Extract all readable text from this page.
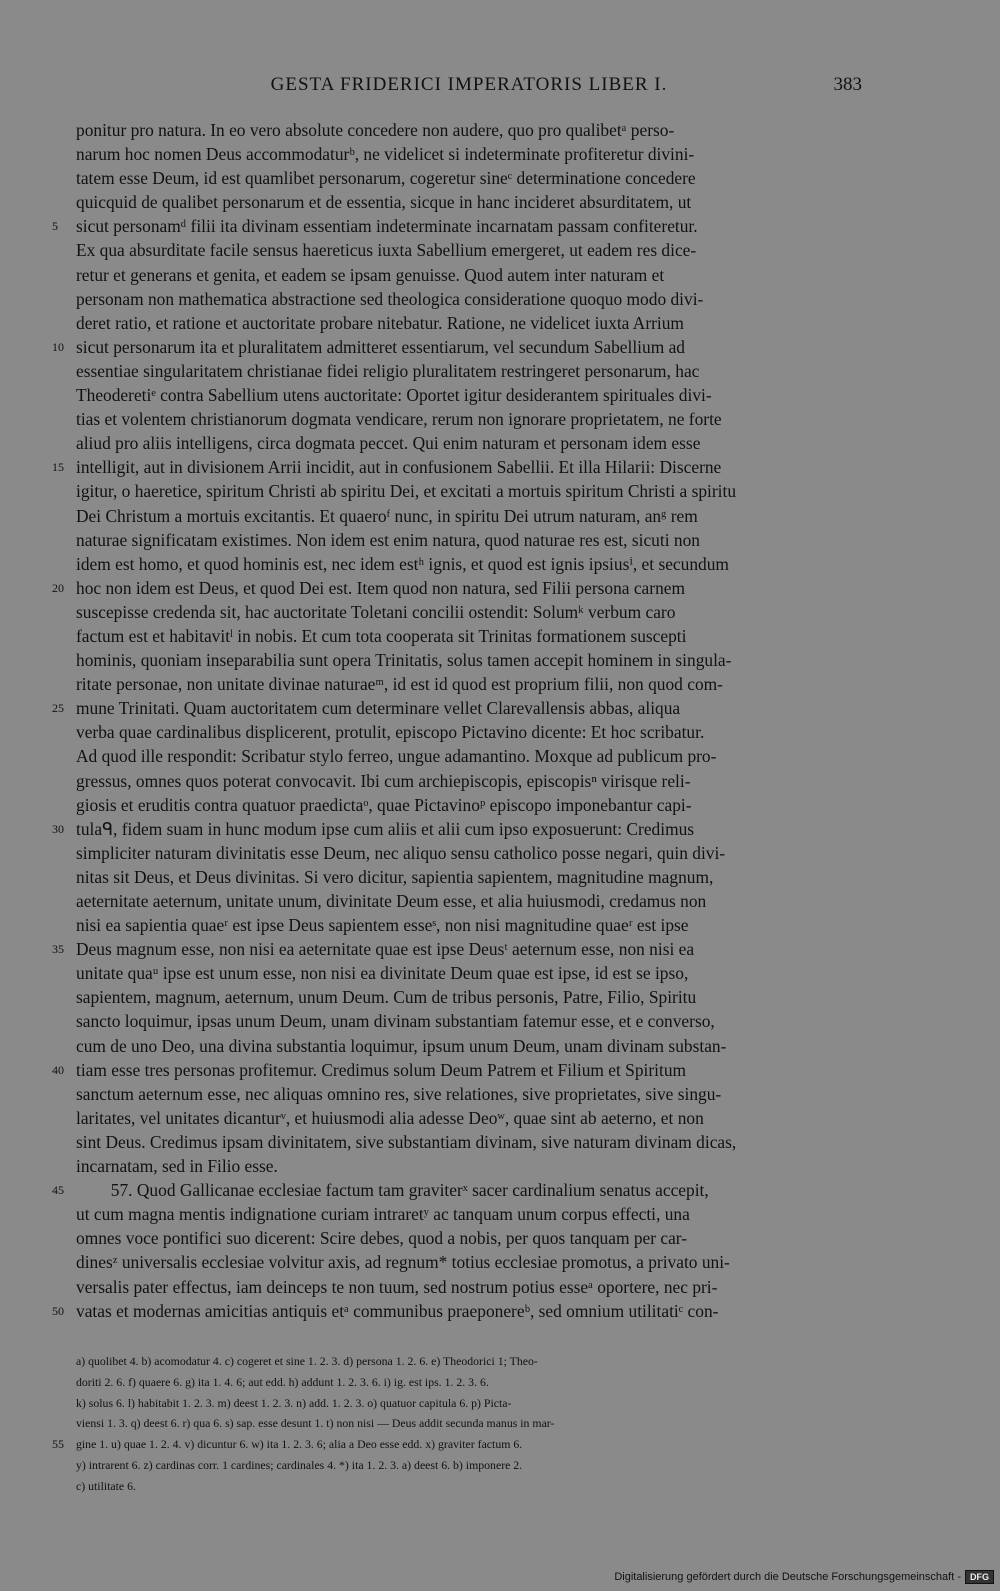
GESTA FRIDERICI IMPERATORIS LIBER I.	383
ponitur pro natura. In eo vero absolute concedere non audere, quo pro qualibetᵃ perso-
narum hoc nomen Deus accommodaturᵇ, ne videlicet si indeterminate profiteretur divini-
tatem esse Deum, id est quamlibet personarum, cogeretur sineᶜ determinatione concedere
quicquid de qualibet personarum et de essentia, sicque in hanc incideret absurditatem, ut
5 sicut personamᵈ filii ita divinam essentiam indeterminate incarnatam passam confiteretur.
Ex qua absurditate facile sensus haereticus iuxta Sabellium emergeret, ut eadem res dice-
retur et generans et genita, et eadem se ipsam genuisse. Quod autem inter naturam et
personam non mathematica abstractione sed theologica consideratione quoquo modo divi-
deret ratio, et ratione et auctoritate probare nitebatur. Ratione, ne videlicet iuxta Arrium
10 sicut personarum ita et pluralitatem admitteret essentiarum, vel secundum Sabellium ad
essentiae singularitatem christianae fidei religio pluralitatem restringeret personarum, hac
Theoderetiᵉ contra Sabellium utens auctoritate: Oportet igitur desiderantem spirituales divi-
tias et volentem christianorum dogmata vendicare, rerum non ignorare proprietatem, ne forte
aliud pro aliis intelligens, circa dogmata peccet. Qui enim naturam et personam idem esse
15 intelligit, aut in divisionem Arrii incidit, aut in confusionem Sabellii. Et illa Hilarii: Discerne
igitur, o haeretice, spiritum Christi ab spiritu Dei, et excitati a mortuis spiritum Christi a spiritu
Dei Christum a mortuis excitantis. Et quaeroᶠ nunc, in spiritu Dei utrum naturam, anᵍ rem
naturae significatam existimes. Non idem est enim natura, quod naturae res est, sicuti non
idem est homo, et quod hominis est, nec idem estʰ ignis, et quod est ignis ipsiusⁱ, et secundum
20 hoc non idem est Deus, et quod Dei est. Item quod non natura, sed Filii persona carnem
suscepisse credenda sit, hac auctoritate Toletani concilii ostendit: Solumᵏ verbum caro
factum est et habitavitˡ in nobis. Et cum tota cooperata sit Trinitas formationem suscepti
hominis, quoniam inseparabilia sunt opera Trinitatis, solus tamen accepit hominem in singula-
ritate personae, non unitate divinae naturaeᵐ, id est id quod est proprium filii, non quod com-
25 mune Trinitati. Quam auctoritatem cum determinare vellet Clarevallensis abbas, aliqua
verba quae cardinalibus displicerent, protulit, episcopo Pictavino dicente: Et hoc scribatur.
Ad quod ille respondit: Scribatur stylo ferreo, ungue adamantino. Moxque ad publicum pro-
gressus, omnes quos poterat convocavit. Ibi cum archiepiscopis, episcopisⁿ virisque reli-
giosis et eruditis contra quatuor praedictaᵒ, quae Pictavinoᵖ episcopo imponebantur capi-
30 tulaᑫ, fidem suam in hunc modum ipse cum aliis et alii cum ipso exposuerunt: Credimus
simpliciter naturam divinitatis esse Deum, nec aliquo sensu catholico posse negari, quin divi-
nitas sit Deus, et Deus divinitas. Si vero dicitur, sapientia sapientem, magnitudine magnum,
aeternitate aeternum, unitate unum, divinitate Deum esse, et alia huiusmodi, credamus non
nisi ea sapientia quaeʳ est ipse Deus sapientem esseˢ, non nisi magnitudine quaeʳ est ipse
35 Deus magnum esse, non nisi ea aeternitate quae est ipse Deusᵗ aeternum esse, non nisi ea
unitate quaᵘ ipse est unum esse, non nisi ea divinitate Deum quae est ipse, id est se ipso,
sapientem, magnum, aeternum, unum Deum. Cum de tribus personis, Patre, Filio, Spiritu
sancto loquimur, ipsas unum Deum, unam divinam substantiam fatemur esse, et e converso,
cum de uno Deo, una divina substantia loquimur, ipsum unum Deum, unam divinam substan-
40 tiam esse tres personas profitemur. Credimus solum Deum Patrem et Filium et Spiritum
sanctum aeternum esse, nec aliquas omnino res, sive relationes, sive proprietates, sive singu-
laritates, vel unitates dicanturᵛ, et huiusmodi alia adesse Deoʷ, quae sint ab aeterno, et non
sint Deus. Credimus ipsam divinitatem, sive substantiam divinam, sive naturam divinam dicas,
incarnatam, sed in Filio esse.
45   57. Quod Gallicanae ecclesiae factum tam graviterˣ sacer cardinalium senatus accepit,
ut cum magna mentis indignatione curiam intraretʸ ac tanquam unum corpus effecti, una
omnes voce pontifici suo dicerent: Scire debes, quod a nobis, per quos tanquam per car-
dinesᶻ universalis ecclesiae volvitur axis, ad regnum* totius ecclesiae promotus, a privato uni-
versalis pater effectus, iam deinceps te non tuum, sed nostrum potius esseᵃ oportere, nec pri-
50 vatas et modernas amicitias antiquis etᵃ communibus praeponereᵇ, sed omnium utilitatiᶜ con-
a) quolibet 4. b) acomodatur 4. c) cogeret et sine 1. 2. 3. d) persona 1. 2. 6. e) Theodorici 1; Theo-
doriti 2. 6. f) quaere 6. g) ita 1. 4. 6; aut edd. h) addunt 1. 2. 3. 6. i) ig. est ips. 1. 2. 3. 6.
k) solus 6. l) habitabit 1. 2. 3. m) deest 1. 2. 3. n) add. 1. 2. 3. o) quatuor capitula 6. p) Picta-
viensi 1. 3. q) deest 6. r) qua 6. s) sap. esse desunt 1. t) non nisi — Deus addit secunda manus in mar-
55 gine 1. u) quae 1. 2. 4. v) dicuntur 6. w) ita 1. 2. 3. 6; alia a Deo esse edd. x) graviter factum 6.
y) intrarent 6. z) cardinas corr. 1 cardines; cardinales 4. *) ita 1. 2. 3. a) deest 6. b) imponere 2.
c) utilitate 6.
Digitalisierung gefördert durch die Deutsche Forschungsgemeinschaft -	DFG
